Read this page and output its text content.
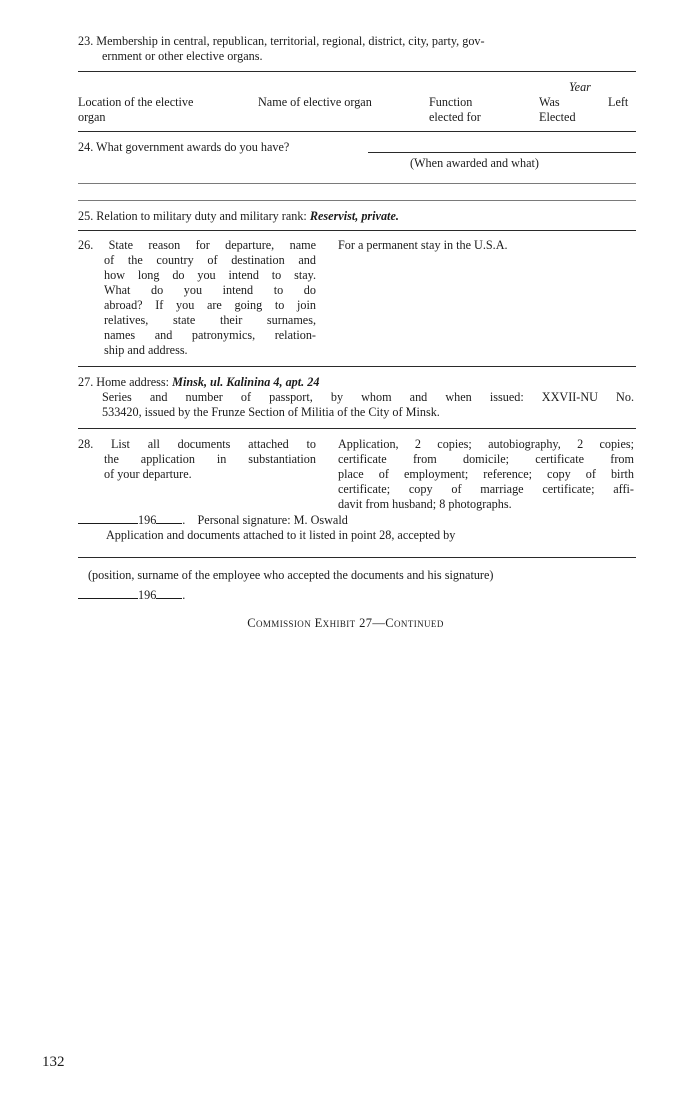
23. Membership in central, republican, territorial, regional, district, city, party, gov-
ernment or other elective organs.
Year
Location of the elective
organ
Name of elective organ	Function
elected for
Was
Elected
Left
24. What government awards do you have?
(When awarded and what)
25. Relation to military duty and military rank: Reservist, private.
26. State reason for departure, name
of the country of destination and
how long do you intend to stay.
What do you intend to do
abroad? If you are going to join
relatives, state their surnames,
names and patronymics, relation-
ship and address.
For a permanent stay in the U.S.A.
27. Home address: Minsk, ul. Kalinina 4, apt. 24
Series and number of passport, by whom and when issued: XXVII-NU No.
533420, issued by the Frunze Section of Militia of the City of Minsk.
28. List all documents attached to
the application in substantiation
of your departure.
Application, 2 copies; autobiography, 2 copies;
certificate from domicile; certificate from
place of employment; reference; copy of birth
certificate; copy of marriage certificate; affi-
davit from husband; 8 photographs.
196 .    Personal signature: M. Oswald
Application and documents attached to it listed in point 28, accepted by
(position, surname of the employee who accepted the documents and his signature)
196 .
Commission Exhibit 27—Continued
132
